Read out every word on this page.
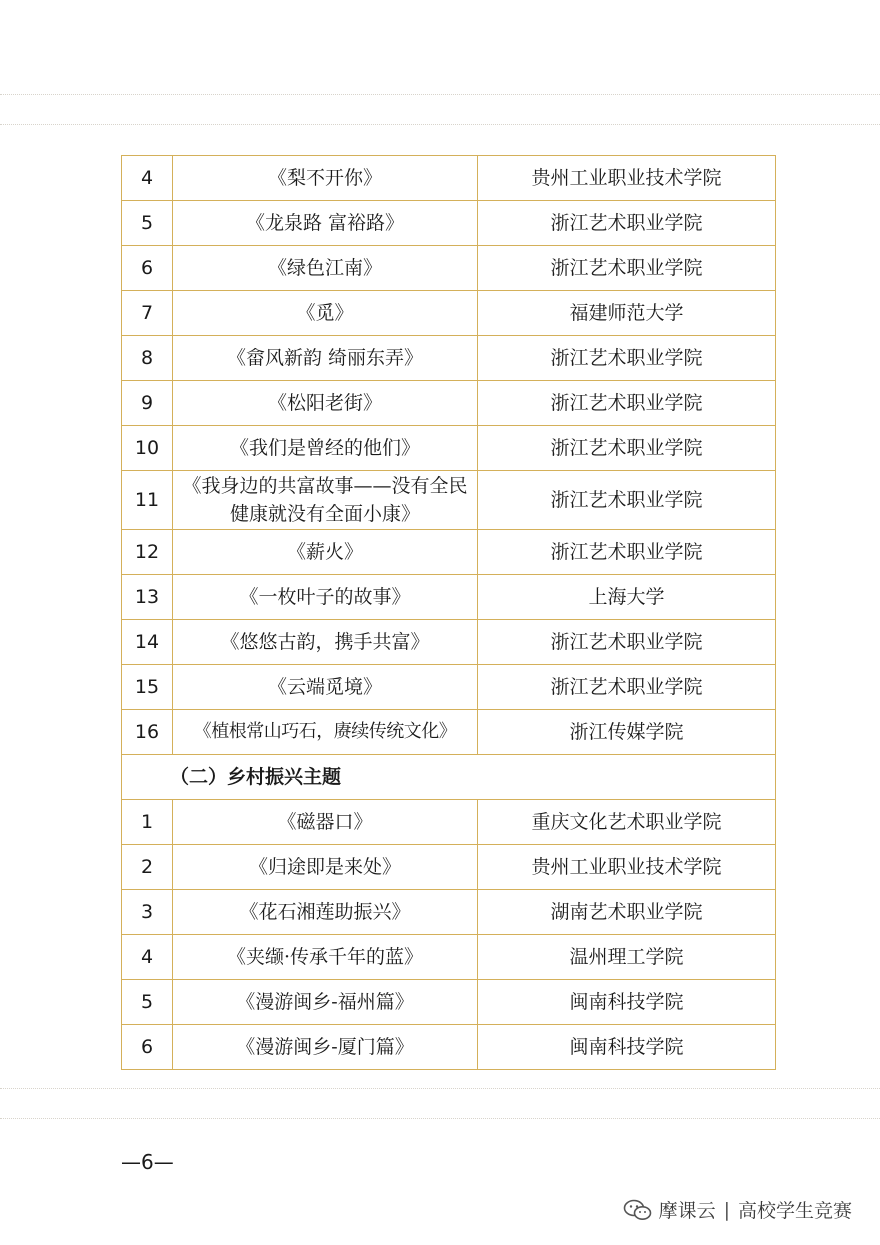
4	《梨不开你》	贵州工业职业技术学院
5	《龙泉路 富裕路》	浙江艺术职业学院
6	《绿色江南》	浙江艺术职业学院
7	《觅》	福建师范大学
8	《畲风新韵 绮丽东弄》	浙江艺术职业学院
9	《松阳老街》	浙江艺术职业学院
10	《我们是曾经的他们》	浙江艺术职业学院
11	《我身边的共富故事——没有全民健康就没有全面小康》	浙江艺术职业学院
12	《薪火》	浙江艺术职业学院
13	《一枚叶子的故事》	上海大学
14	《悠悠古韵，携手共富》	浙江艺术职业学院
15	《云端觅境》	浙江艺术职业学院
16	《植根常山巧石，赓续传统文化》	浙江传媒学院
（二）乡村振兴主题		
1	《磁器口》	重庆文化艺术职业学院
2	《归途即是来处》	贵州工业职业技术学院
3	《花石湘莲助振兴》	湖南艺术职业学院
4	《夹缬·传承千年的蓝》	温州理工学院
5	《漫游闽乡-福州篇》	闽南科技学院
6	《漫游闽乡-厦门篇》	闽南科技学院
—6—
摩课云 | 高校学生竞赛
